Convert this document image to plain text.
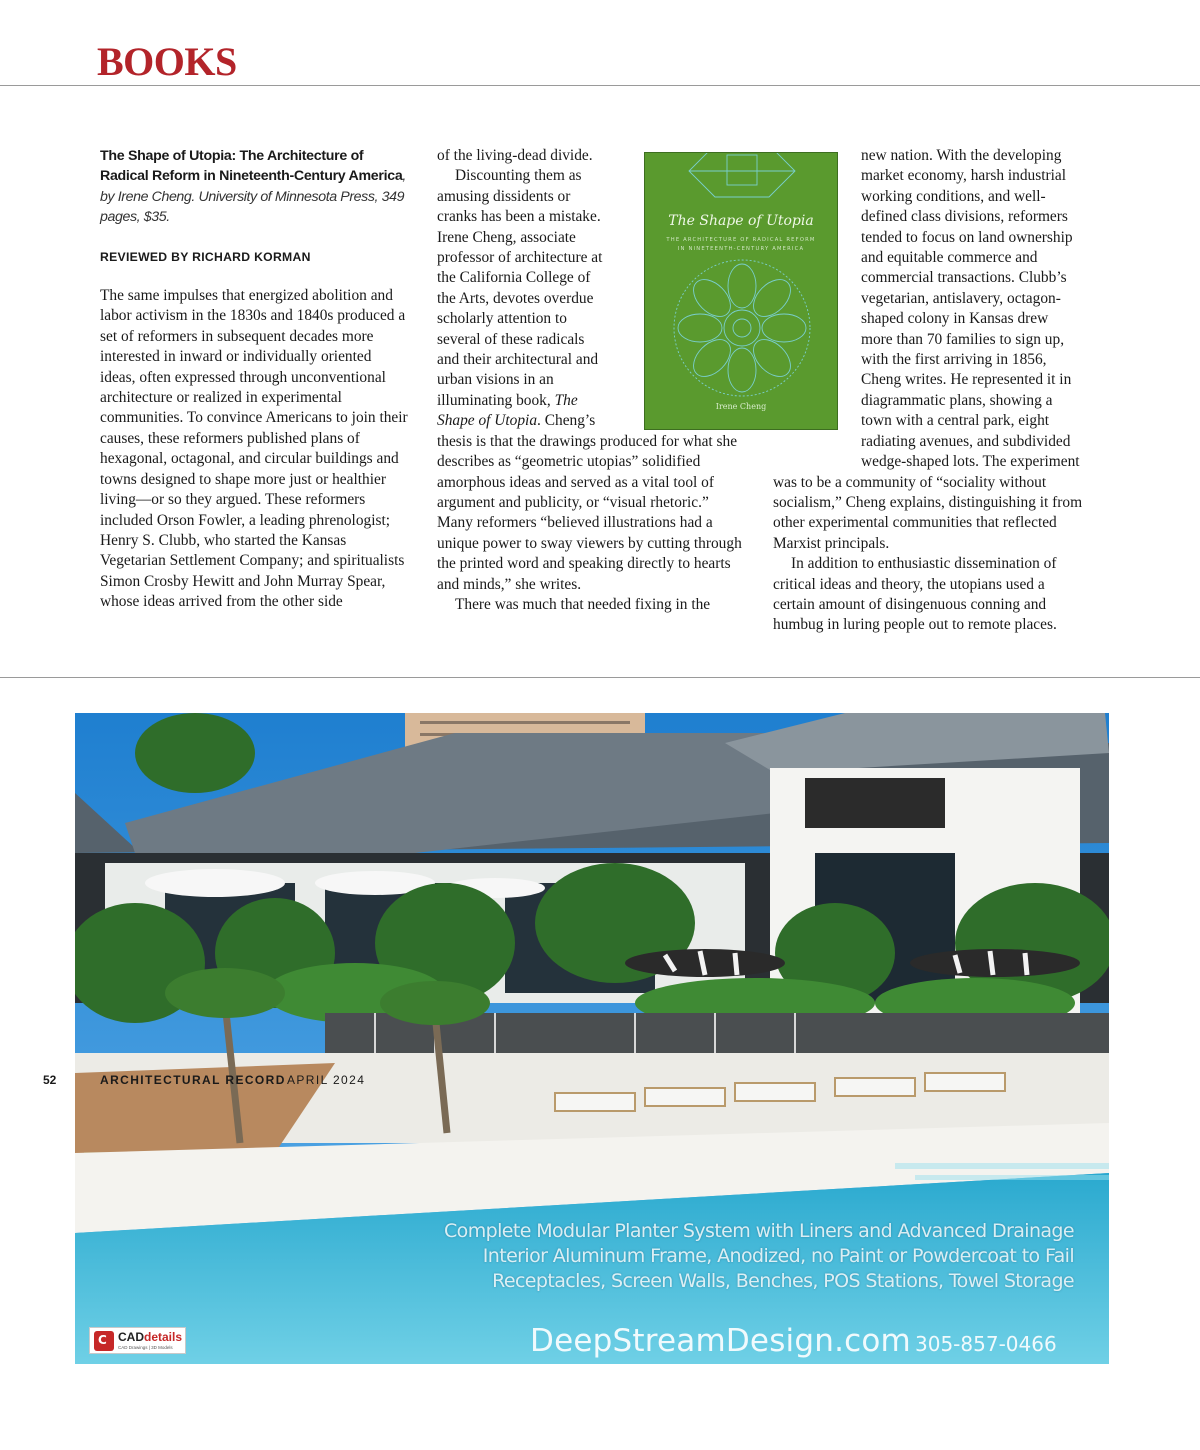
BOOKS

The Shape of Utopia: The Architecture of Radical Reform in Nineteenth-Century America, by Irene Cheng. University of Minnesota Press, 349 pages, $35.

REVIEWED BY RICHARD KORMAN

The same impulses that energized abolition and labor activism in the 1830s and 1840s produced a set of reformers in subsequent decades more interested in inward or individually oriented ideas, often expressed through unconventional architecture or realized in experimental communities. To convince Americans to join their causes, these reformers published plans of hexagonal, octagonal, and circular buildings and towns designed to shape more just or healthier living—or so they argued. These reformers included Orson Fowler, a leading phrenologist; Henry S. Clubb, who started the Kansas Vegetarian Settlement Company; and spiritualists Simon Crosby Hewitt and John Murray Spear, whose ideas arrived from the other side

of the living-dead divide.

Discounting them as amusing dissidents or cranks has been a mistake. Irene Cheng, associate professor of architecture at the California College of the Arts, devotes overdue scholarly attention to several of these radicals and their architectural and urban visions in an illuminating book, The Shape of Utopia. Cheng’s thesis is that the drawings produced for what she describes as “geometric utopias” solidified amorphous ideas and served as a vital tool of argument and publicity, or “visual rhetoric.” Many reformers “believed illustrations had a unique power to sway viewers by cutting through the printed word and speaking directly to hearts and minds,” she writes.

There was much that needed fixing in the

new nation. With the developing market economy, harsh industrial working conditions, and well-defined class divisions, reformers tended to focus on land ownership and equitable commerce and commercial transactions. Clubb’s vegetarian, antislavery, octagon-shaped colony in Kansas drew more than 70 families to sign up, with the first arriving in 1856, Cheng writes. He represented it in diagrammatic plans, showing a town with a central park, eight radiating avenues, and subdivided wedge-shaped lots. The experiment was to be a community of “sociality without socialism,” Cheng explains, distinguishing it from other experimental communities that reflected Marxist principals.

In addition to enthusiastic dissemination of critical ideas and theory, the utopians used a certain amount of disingenuous conning and humbug in luring people out to remote places.

The Shape of Utopia
THE ARCHITECTURE OF RADICAL REFORM
IN NINETEENTH-CENTURY AMERICA
Irene Cheng
Complete Modular Planter System with Liners and Advanced Drainage
Interior Aluminum Frame, Anodized, no Paint or Powdercoat to Fail
Receptacles, Screen Walls, Benches, POS Stations, Towel Storage
DeepStreamDesign.com 305-857-0466
C CADdetails
CAD Drawings | 3D Models
52	ARCHITECTURAL RECORD APRIL 2024
